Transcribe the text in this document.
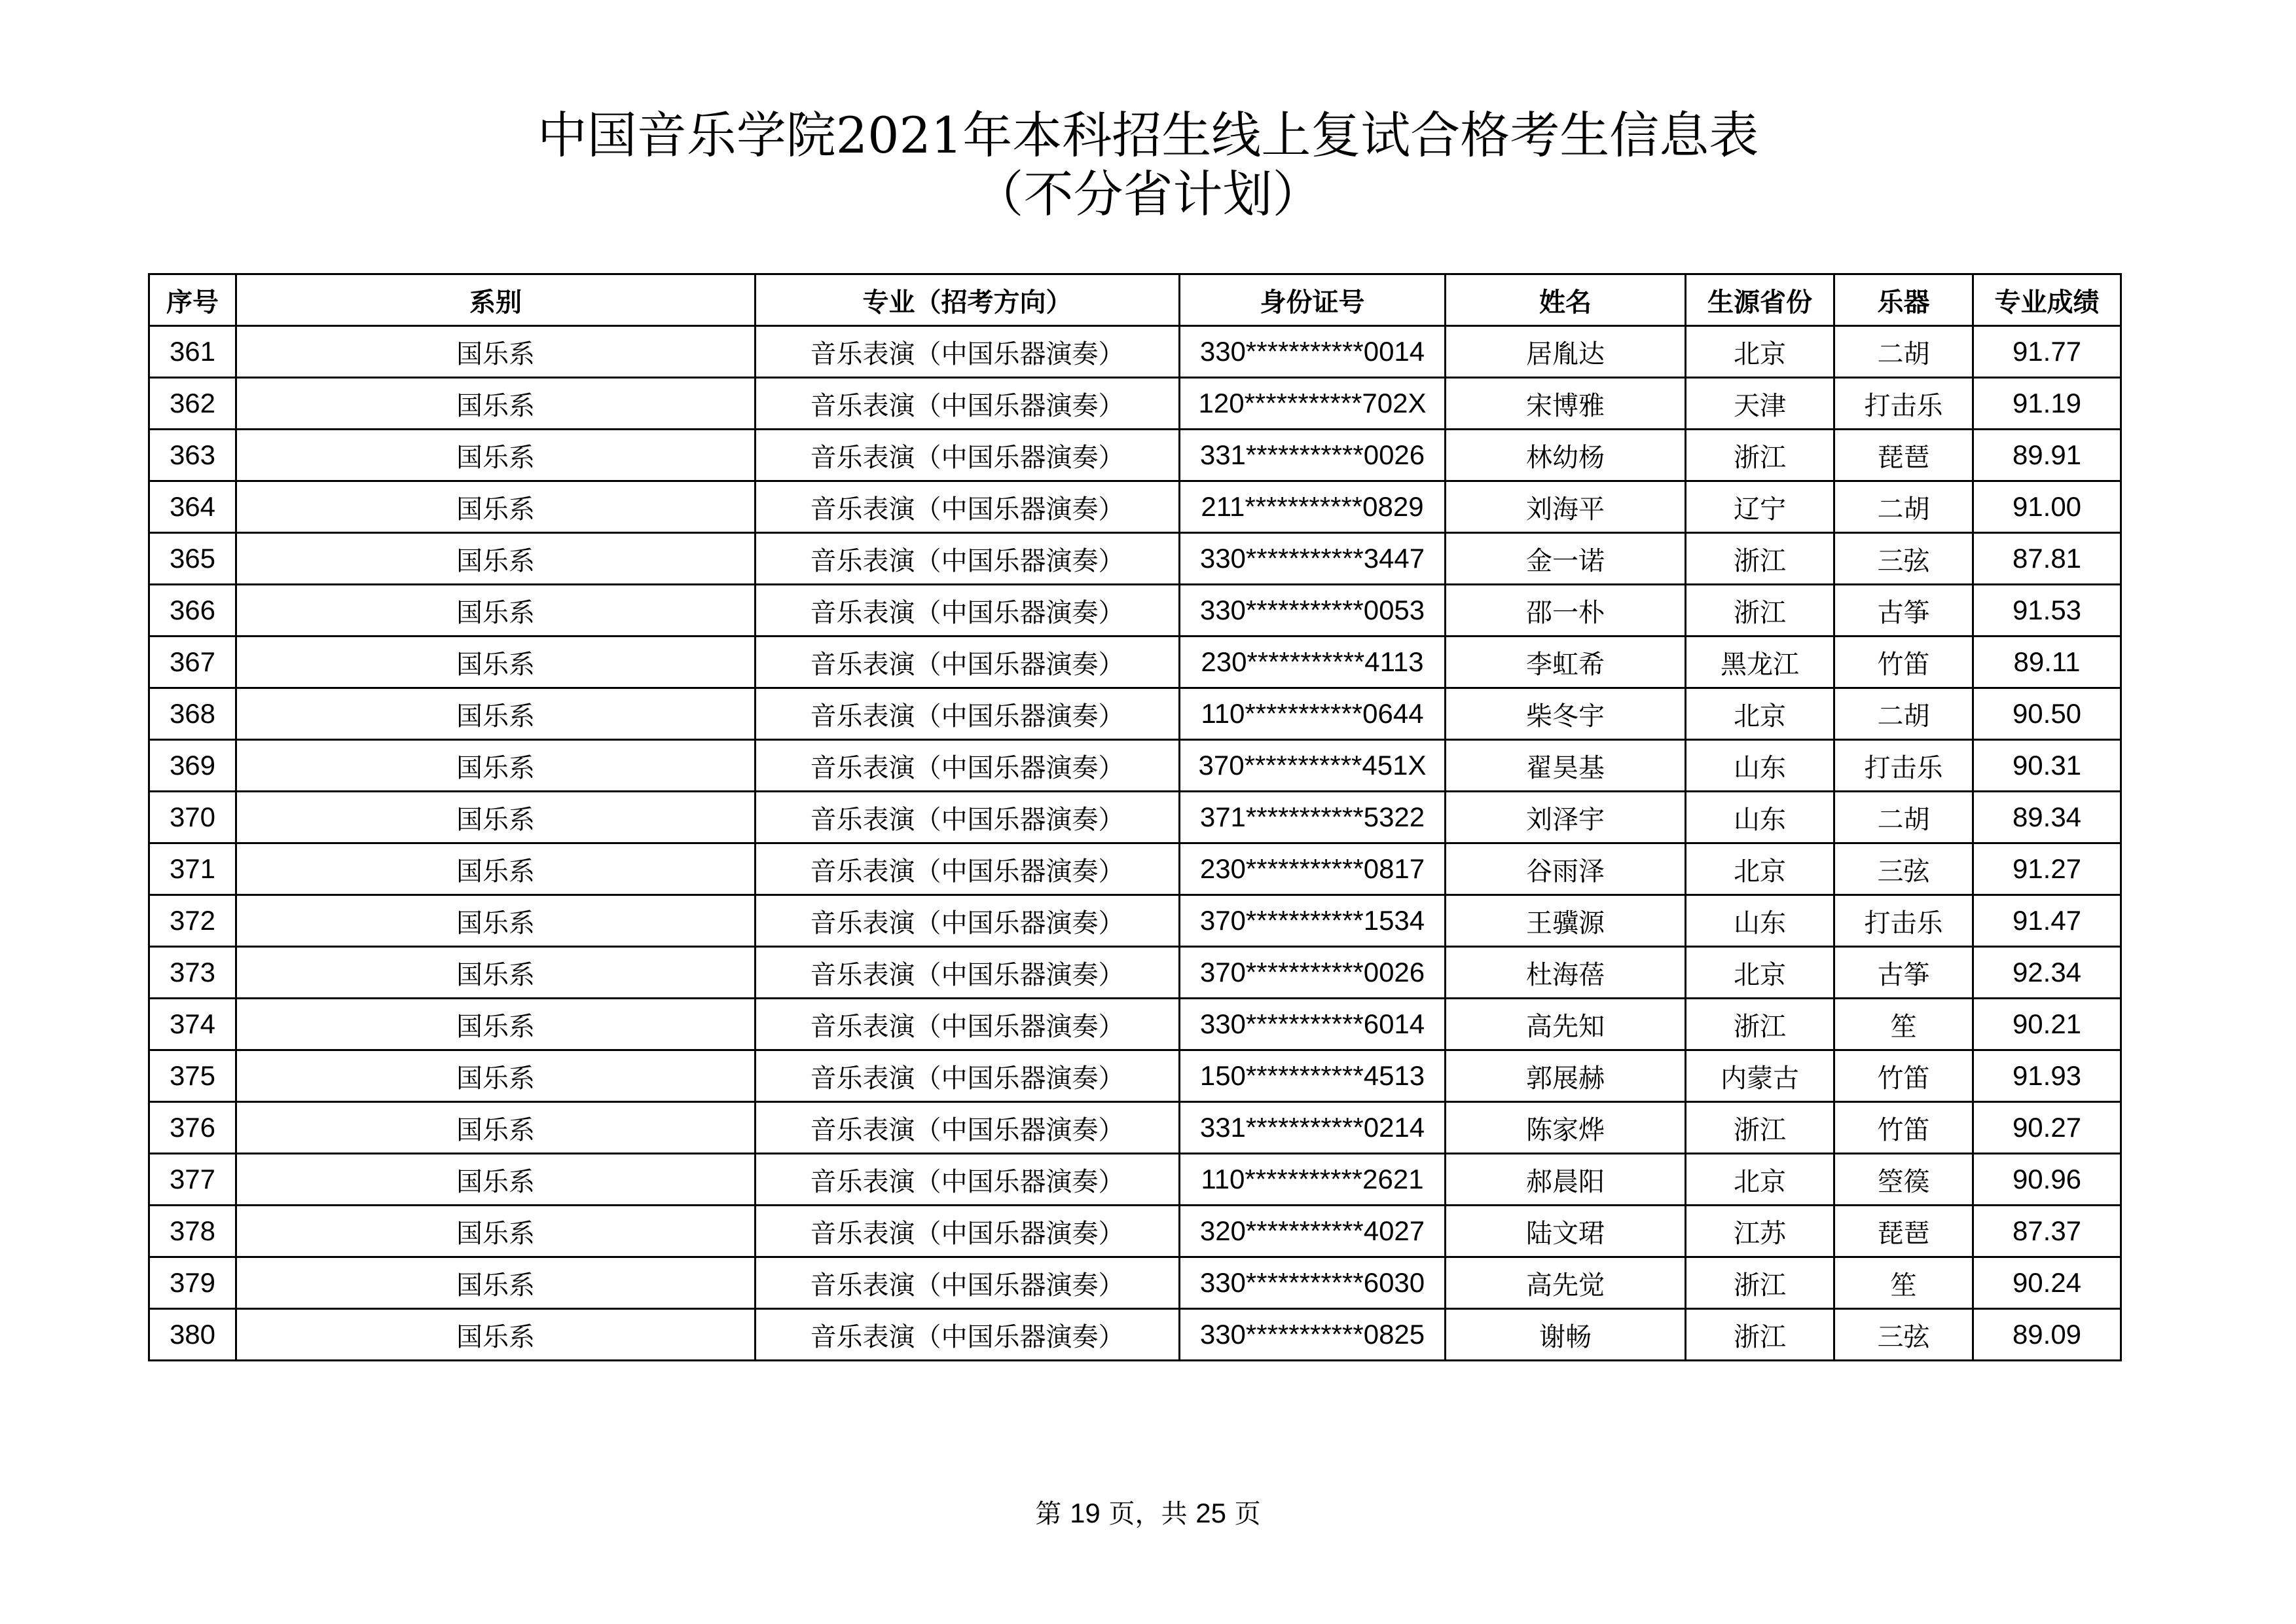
中国音乐学院2021年本科招生线上复试合格考生信息表
（不分省计划）
序号	系别	专业（招考方向）	身份证号	姓名	生源省份	乐器	专业成绩
361	国乐系	音乐表演（中国乐器演奏）	330***********0014	居胤达	北京	二胡	91.77
362	国乐系	音乐表演（中国乐器演奏）	120***********702X	宋博雅	天津	打击乐	91.19
363	国乐系	音乐表演（中国乐器演奏）	331***********0026	林幼杨	浙江	琵琶	89.91
364	国乐系	音乐表演（中国乐器演奏）	211***********0829	刘海平	辽宁	二胡	91.00
365	国乐系	音乐表演（中国乐器演奏）	330***********3447	金一诺	浙江	三弦	87.81
366	国乐系	音乐表演（中国乐器演奏）	330***********0053	邵一朴	浙江	古筝	91.53
367	国乐系	音乐表演（中国乐器演奏）	230***********4113	李虹希	黑龙江	竹笛	89.11
368	国乐系	音乐表演（中国乐器演奏）	110***********0644	柴冬宇	北京	二胡	90.50
369	国乐系	音乐表演（中国乐器演奏）	370***********451X	翟昊基	山东	打击乐	90.31
370	国乐系	音乐表演（中国乐器演奏）	371***********5322	刘泽宇	山东	二胡	89.34
371	国乐系	音乐表演（中国乐器演奏）	230***********0817	谷雨泽	北京	三弦	91.27
372	国乐系	音乐表演（中国乐器演奏）	370***********1534	王骥源	山东	打击乐	91.47
373	国乐系	音乐表演（中国乐器演奏）	370***********0026	杜海蓓	北京	古筝	92.34
374	国乐系	音乐表演（中国乐器演奏）	330***********6014	高先知	浙江	笙	90.21
375	国乐系	音乐表演（中国乐器演奏）	150***********4513	郭展赫	内蒙古	竹笛	91.93
376	国乐系	音乐表演（中国乐器演奏）	331***********0214	陈家烨	浙江	竹笛	90.27
377	国乐系	音乐表演（中国乐器演奏）	110***********2621	郝晨阳	北京	箜篌	90.96
378	国乐系	音乐表演（中国乐器演奏）	320***********4027	陆文珺	江苏	琵琶	87.37
379	国乐系	音乐表演（中国乐器演奏）	330***********6030	高先觉	浙江	笙	90.24
380	国乐系	音乐表演（中国乐器演奏）	330***********0825	谢畅	浙江	三弦	89.09
第 19 页，共 25 页
